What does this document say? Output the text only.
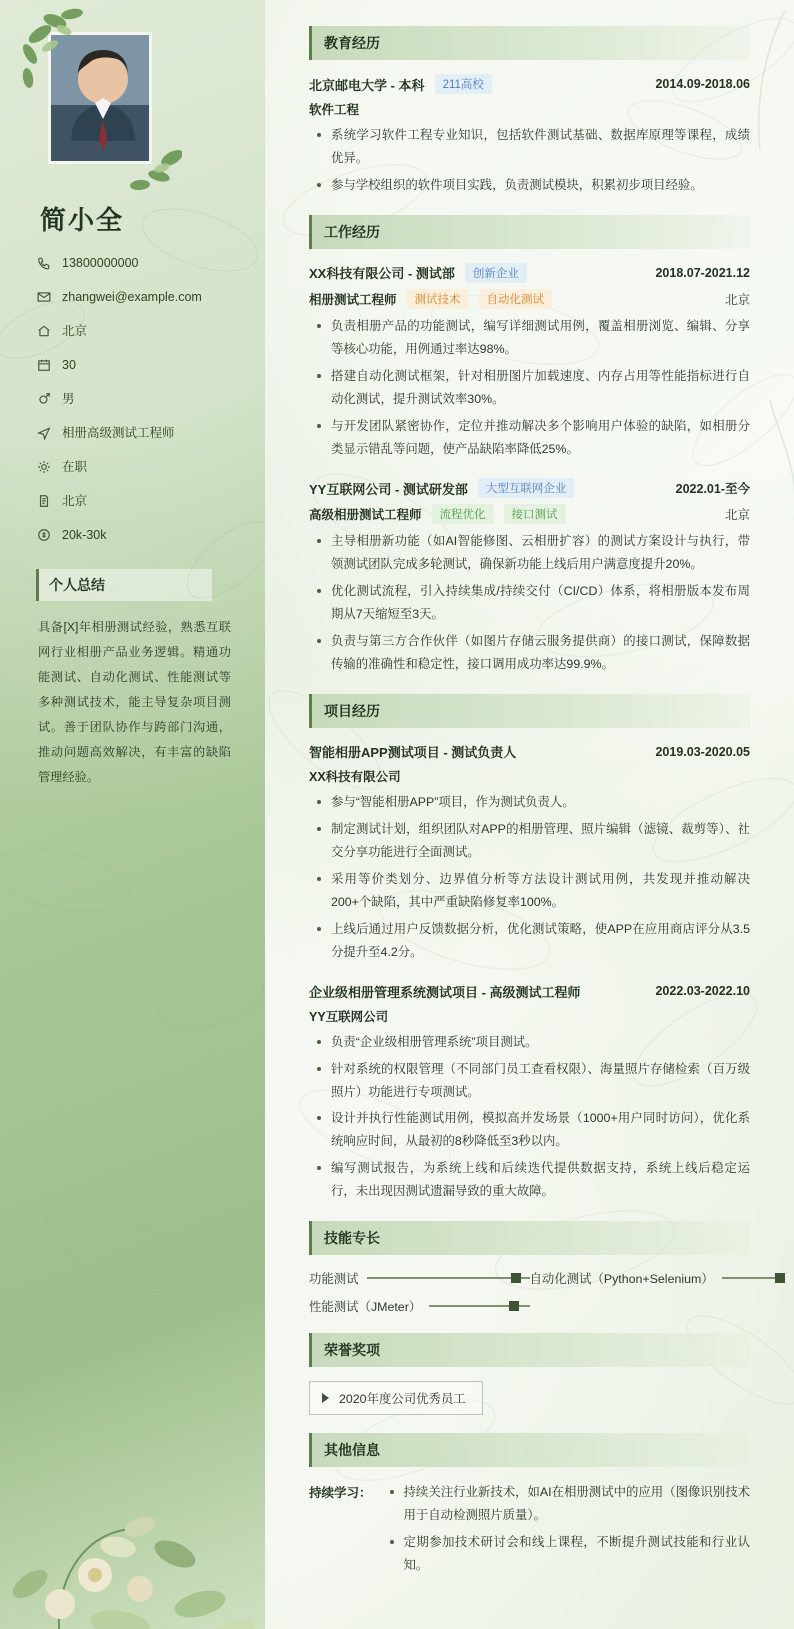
简小全
13800000000
zhangwei@example.com
北京
30
男
相册高级测试工程师
在职
北京
20k-30k
个人总结
具备[X]年相册测试经验，熟悉互联网行业相册产品业务逻辑。精通功能测试、自动化测试、性能测试等多种测试技术，能主导复杂项目测试。善于团队协作与跨部门沟通，推动问题高效解决，有丰富的缺陷管理经验。
教育经历
北京邮电大学 - 本科	211高校	2014.09-2018.06
软件工程
系统学习软件工程专业知识，包括软件测试基础、数据库原理等课程，成绩优异。
参与学校组织的软件项目实践，负责测试模块，积累初步项目经验。
工作经历
XX科技有限公司 - 测试部	创新企业	2018.07-2021.12
相册测试工程师	测试技术	自动化测试	北京
负责相册产品的功能测试，编写详细测试用例，覆盖相册浏览、编辑、分享等核心功能，用例通过率达98%。
搭建自动化测试框架，针对相册图片加载速度、内存占用等性能指标进行自动化测试，提升测试效率30%。
与开发团队紧密协作，定位并推动解决多个影响用户体验的缺陷，如相册分类显示错乱等问题，使产品缺陷率降低25%。
YY互联网公司 - 测试研发部	大型互联网企业	2022.01-至今
高级相册测试工程师	流程优化	接口测试	北京
主导相册新功能（如AI智能修图、云相册扩容）的测试方案设计与执行，带领测试团队完成多轮测试，确保新功能上线后用户满意度提升20%。
优化测试流程，引入持续集成/持续交付（CI/CD）体系，将相册版本发布周期从7天缩短至3天。
负责与第三方合作伙伴（如图片存储云服务提供商）的接口测试，保障数据传输的准确性和稳定性，接口调用成功率达99.9%。
项目经历
智能相册APP测试项目 - 测试负责人	2019.03-2020.05
XX科技有限公司
参与“智能相册APP”项目，作为测试负责人。
制定测试计划，组织团队对APP的相册管理、照片编辑（滤镜、裁剪等）、社交分享功能进行全面测试。
采用等价类划分、边界值分析等方法设计测试用例，共发现并推动解决200+个缺陷，其中严重缺陷修复率100%。
上线后通过用户反馈数据分析，优化测试策略，使APP在应用商店评分从3.5分提升至4.2分。
企业级相册管理系统测试项目 - 高级测试工程师	2022.03-2022.10
YY互联网公司
负责“企业级相册管理系统”项目测试。
针对系统的权限管理（不同部门员工查看权限）、海量照片存储检索（百万级照片）功能进行专项测试。
设计并执行性能测试用例，模拟高并发场景（1000+用户同时访问），优化系统响应时间，从最初的8秒降低至3秒以内。
编写测试报告，为系统上线和后续迭代提供数据支持，系统上线后稳定运行，未出现因测试遗漏导致的重大故障。
技能专长
功能测试	自动化测试（Python+Selenium）
性能测试（JMeter）
荣誉奖项
2020年度公司优秀员工
其他信息
持续学习：	持续关注行业新技术，如AI在相册测试中的应用（图像识别技术用于自动检测照片质量）。
定期参加技术研讨会和线上课程，不断提升测试技能和行业认知。
